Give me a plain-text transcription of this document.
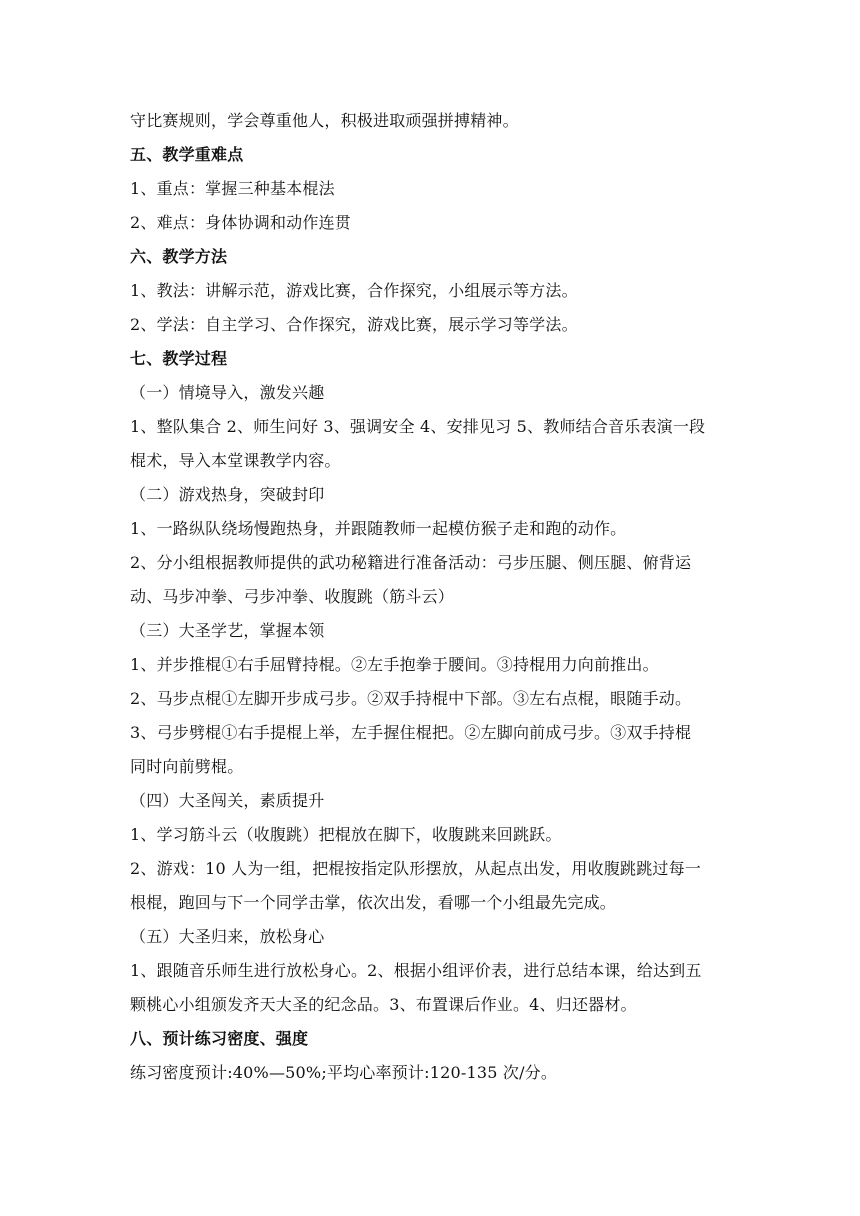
守比赛规则，学会尊重他人，积极进取顽强拼搏精神。
五、教学重难点
1、重点：掌握三种基本棍法
2、难点：身体协调和动作连贯
六、教学方法
1、教法：讲解示范，游戏比赛，合作探究，小组展示等方法。
2、学法：自主学习、合作探究，游戏比赛，展示学习等学法。
七、教学过程
（一）情境导入，激发兴趣
1、整队集合 2、师生问好 3、强调安全 4、安排见习 5、教师结合音乐表演一段
棍术，导入本堂课教学内容。
（二）游戏热身，突破封印
1、一路纵队绕场慢跑热身，并跟随教师一起模仿猴子走和跑的动作。
2、分小组根据教师提供的武功秘籍进行准备活动：弓步压腿、侧压腿、俯背运
动、马步冲拳、弓步冲拳、收腹跳（筋斗云）
（三）大圣学艺，掌握本领
1、并步推棍①右手屈臂持棍。②左手抱拳于腰间。③持棍用力向前推出。
2、马步点棍①左脚开步成弓步。②双手持棍中下部。③左右点棍，眼随手动。
3、弓步劈棍①右手提棍上举，左手握住棍把。②左脚向前成弓步。③双手持棍
同时向前劈棍。
（四）大圣闯关，素质提升
1、学习筋斗云（收腹跳）把棍放在脚下，收腹跳来回跳跃。
2、游戏：10 人为一组，把棍按指定队形摆放，从起点出发，用收腹跳跳过每一
根棍，跑回与下一个同学击掌，依次出发，看哪一个小组最先完成。
（五）大圣归来，放松身心
1、跟随音乐师生进行放松身心。2、根据小组评价表，进行总结本课，给达到五
颗桃心小组颁发齐天大圣的纪念品。3、布置课后作业。4、归还器材。
八、预计练习密度、强度
练习密度预计:40%—50%;平均心率预计:120-135 次/分。
